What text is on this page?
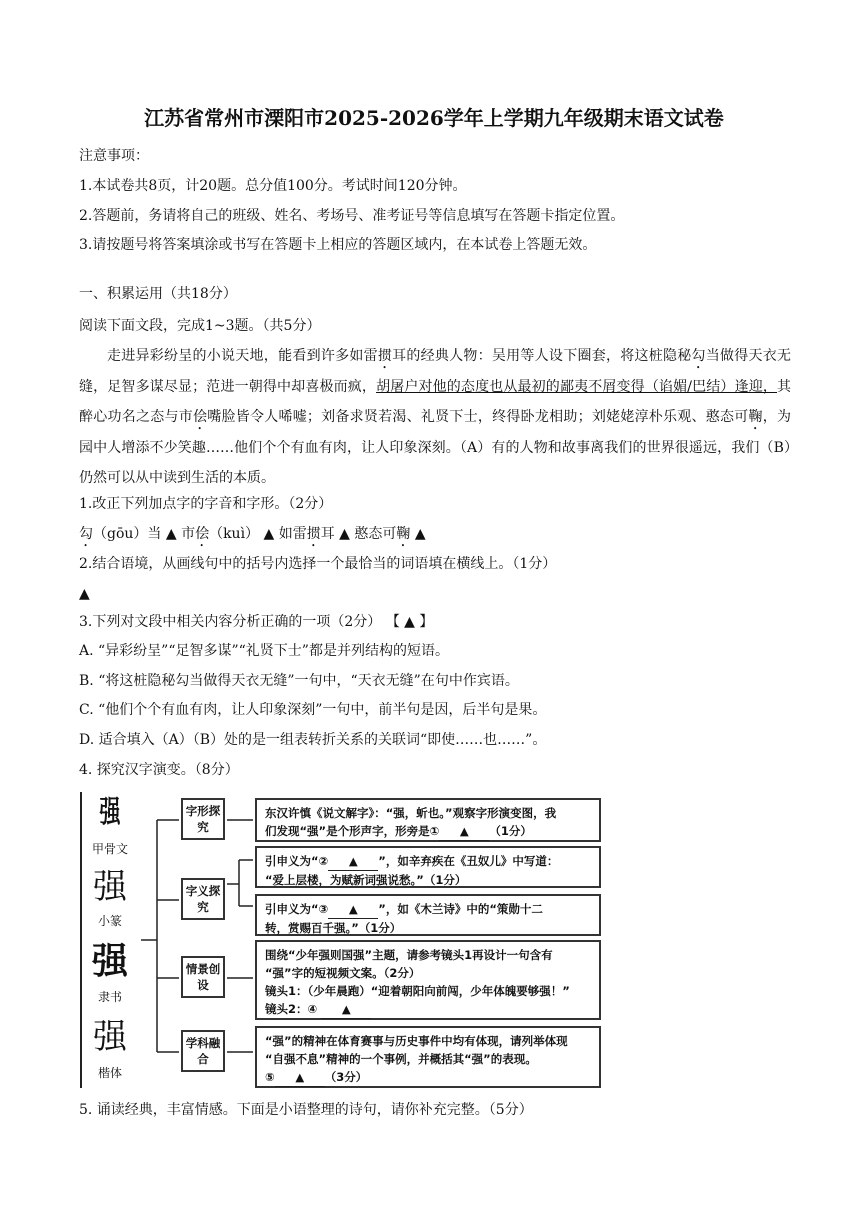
江苏省常州市溧阳市2025-2026学年上学期九年级期末语文试卷
注意事项：
1.本试卷共8页，计20题。总分值100分。考试时间120分钟。
2.答题前，务请将自己的班级、姓名、考场号、准考证号等信息填写在答题卡指定位置。
3.请按题号将答案填涂或书写在答题卡上相应的答题区域内，在本试卷上答题无效。
一、积累运用（共18分）
阅读下面文段，完成1~3题。（共5分）
走进异彩纷呈的小说天地，能看到许多如雷掼耳的经典人物：吴用等人设下圈套，将这桩隐秘勾当做得天衣无缝，足智多谋尽显；范进一朝得中却喜极而疯，胡屠户对他的态度也从最初的鄙夷不屑变得（谄媚/巴结）逢迎，其醉心功名之态与市侩嘴脸皆令人唏嘘；刘备求贤若渴、礼贤下士，终得卧龙相助；刘姥姥淳朴乐观、憨态可鞠，为园中人增添不少笑趣……他们个个有血有肉，让人印象深刻。（A）有的人物和故事离我们的世界很遥远，我们（B）仍然可以从中读到生活的本质。
1.改正下列加点字的字音和字形。（2分）
勾（gōu）当 ▲ 市侩（kuì） ▲ 如雷掼耳 ▲ 憨态可鞠 ▲
2.结合语境，从画线句中的括号内选择一个最恰当的词语填在横线上。（1分）
▲
3.下列对文段中相关内容分析正确的一项（2分） 【 ▲ 】
A. “异彩纷呈”“足智多谋”“礼贤下士”都是并列结构的短语。
B. “将这桩隐秘勾当做得天衣无缝”一句中，“天衣无缝”在句中作宾语。
C. “他们个个有血有肉，让人印象深刻”一句中，前半句是因，后半句是果。
D. 适合填入（A）（B）处的是一组表转折关系的关联词“即使……也……”。
4. 探究汉字演变。（8分）
强
甲骨文
强
小篆
强
隶书
强
楷体
字形探究
字义探究
情景创设
学科融合
东汉许慎《说文解字》：“强，蚚也。”观察字形演变图，我
们发现“强”是个形声字，形旁是① ▲ （1分）
引申义为“② ▲ ”，如辛弃疾在《丑奴儿》中写道：
“爱上层楼，为赋新词强说愁。”（1分）
引申义为“③ ▲ ”，如《木兰诗》中的“策勋十二
转，赏赐百千强。”（1分）
围绕“少年强则国强”主题，请参考镜头1再设计一句含有
“强”字的短视频文案。（2分）
镜头1：（少年晨跑）“迎着朝阳向前闯，少年体魄要够强！”
镜头2：④ ▲
“强”的精神在体育赛事与历史事件中均有体现，请列举体现
“自强不息”精神的一个事例，并概括其“强”的表现。
⑤ ▲ （3分）
5. 诵读经典，丰富情感。下面是小语整理的诗句，请你补充完整。（5分）
